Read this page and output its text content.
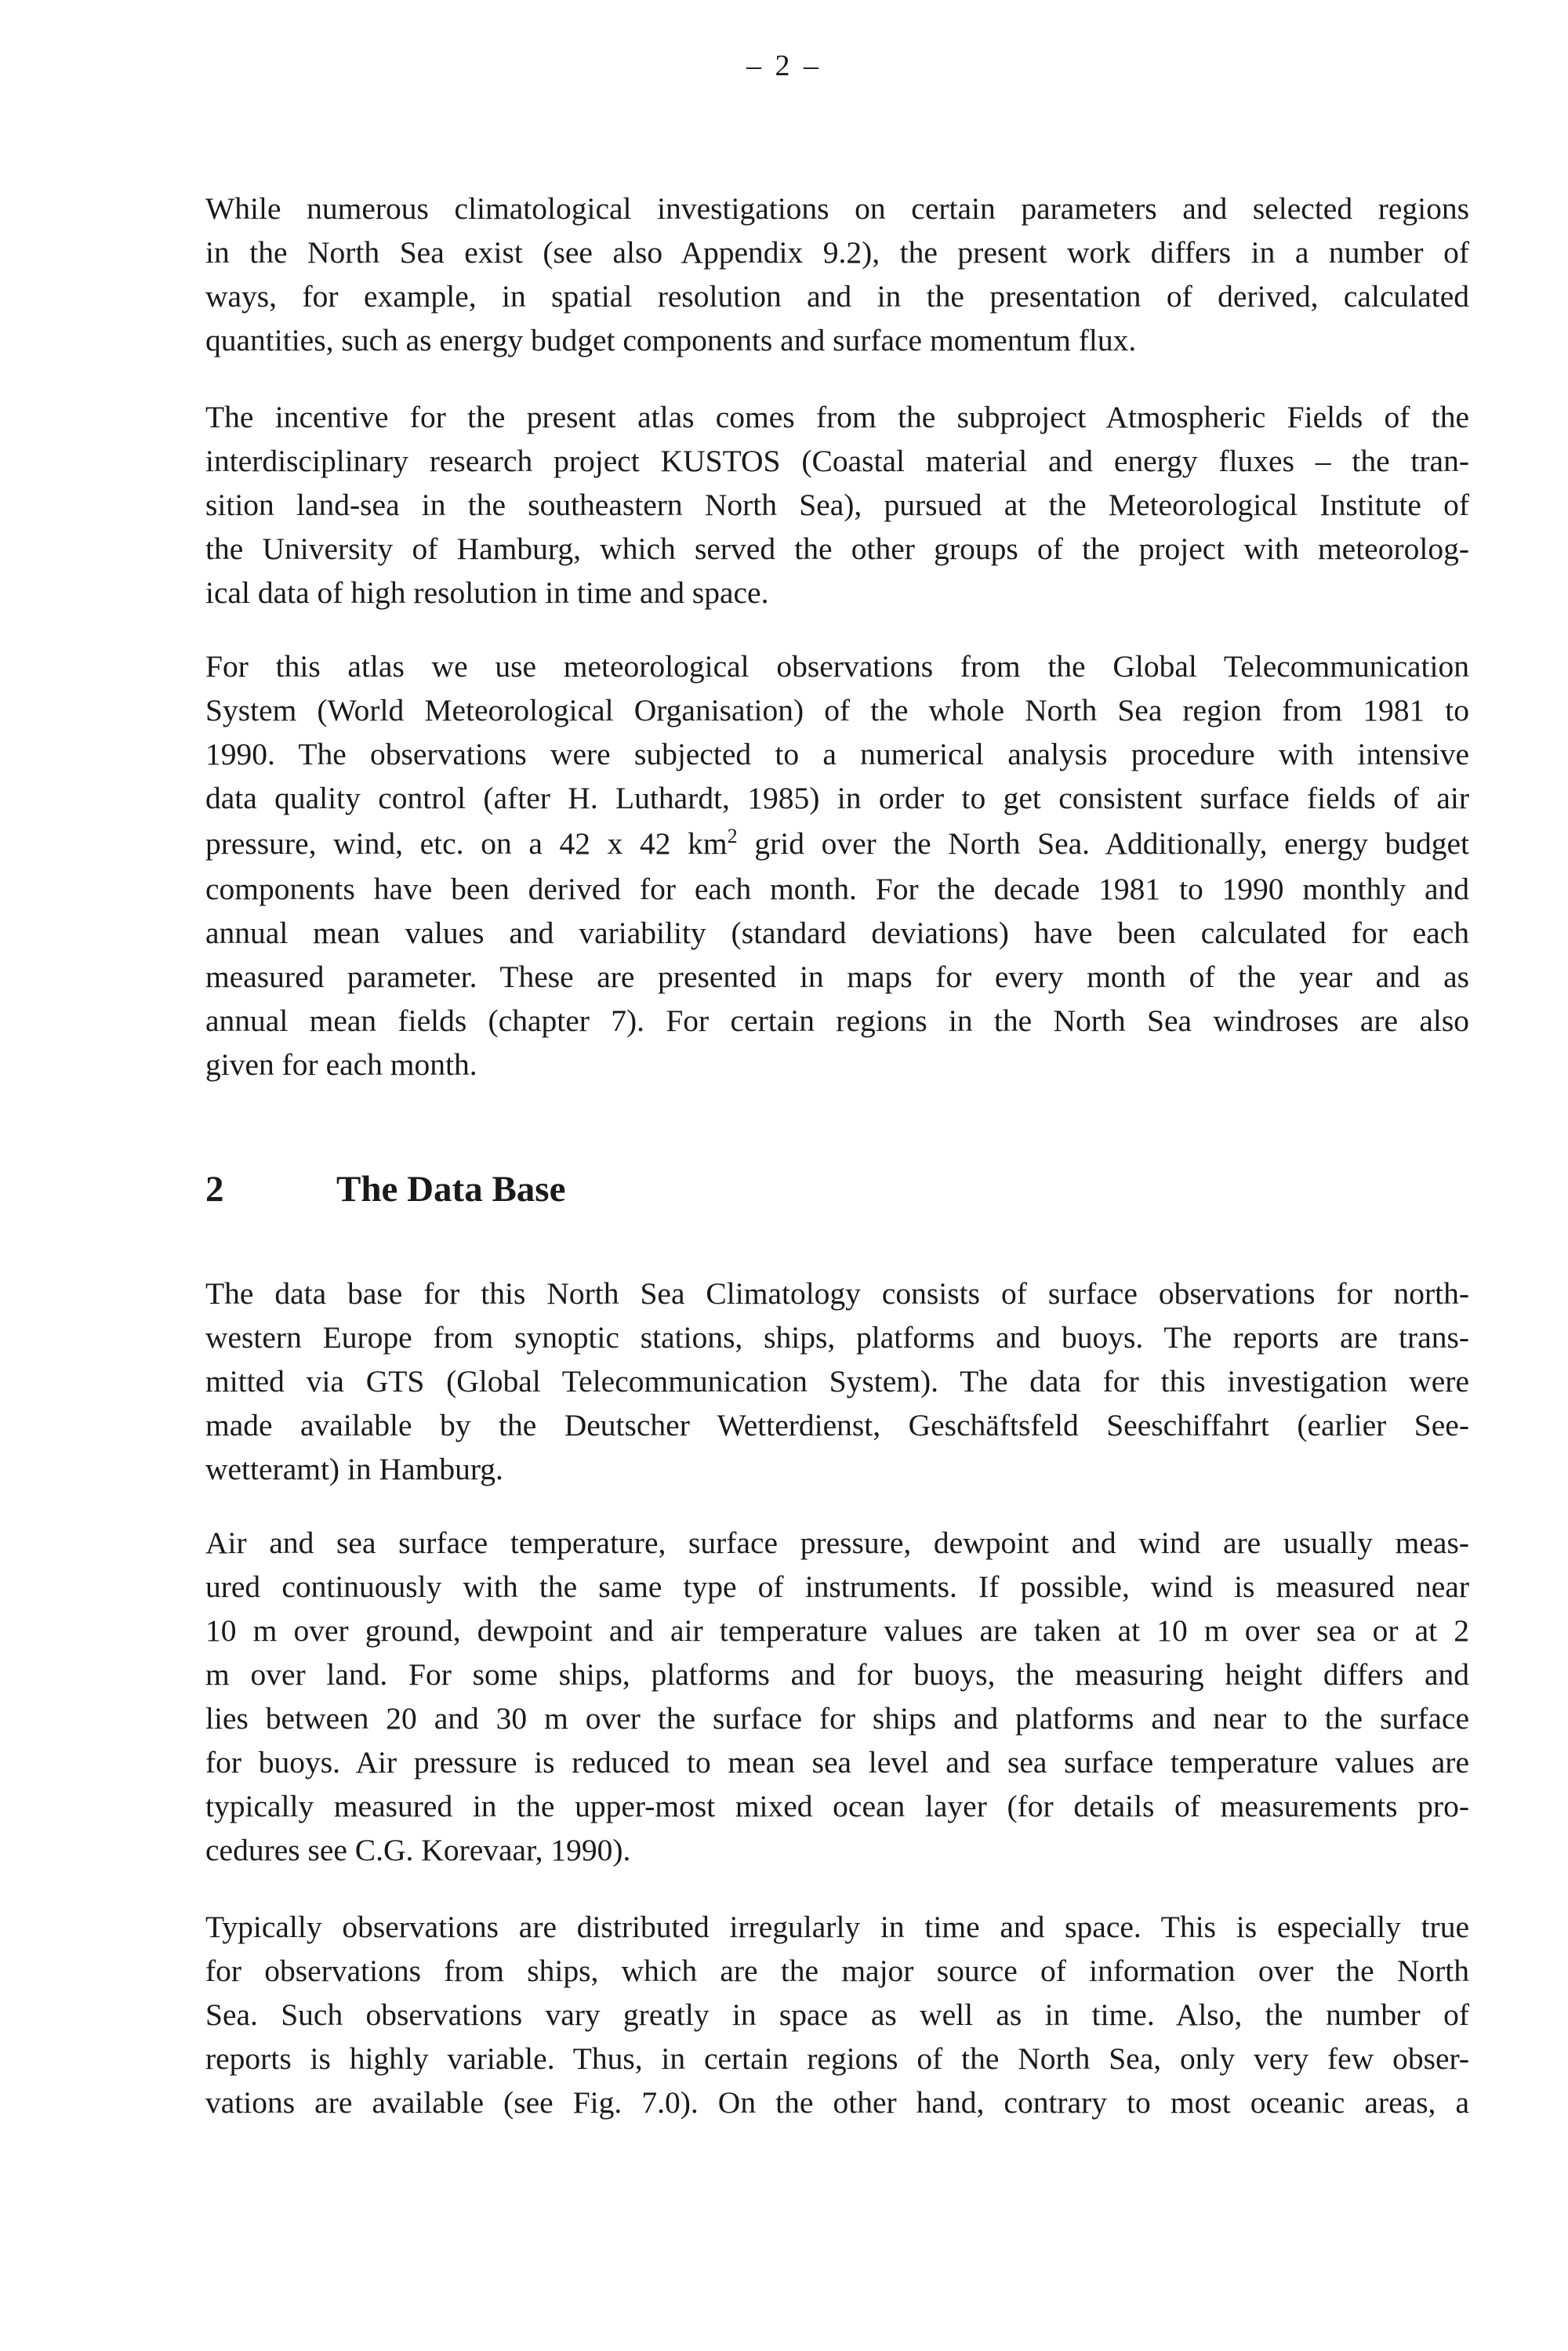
– 2 –
While numerous climatological investigations on certain parameters and selected regions
in the North Sea exist (see also Appendix 9.2), the present work differs in a number of
ways, for example, in spatial resolution and in the presentation of derived, calculated
quantities, such as energy budget components and surface momentum flux.
The incentive for the present atlas comes from the subproject Atmospheric Fields of the
interdisciplinary research project KUSTOS (Coastal material and energy fluxes – the tran-
sition land-sea in the southeastern North Sea), pursued at the Meteorological Institute of
the University of Hamburg, which served the other groups of the project with meteorolog-
ical data of high resolution in time and space.
For this atlas we use meteorological observations from the Global Telecommunication
System (World Meteorological Organisation) of the whole North Sea region from 1981 to
1990. The observations were subjected to a numerical analysis procedure with intensive
data quality control (after H. Luthardt, 1985) in order to get consistent surface fields of air
pressure, wind, etc. on a 42 x 42 $km^2$ grid over the North Sea. Additionally, energy budget
components have been derived for each month. For the decade 1981 to 1990 monthly and
annual mean values and variability (standard deviations) have been calculated for each
measured parameter. These are presented in maps for every month of the year and as
annual mean fields (chapter 7). For certain regions in the North Sea windroses are also
given for each month.
2	The Data Base
The data base for this North Sea Climatology consists of surface observations for north-
western Europe from synoptic stations, ships, platforms and buoys. The reports are trans-
mitted via GTS (Global Telecommunication System). The data for this investigation were
made available by the Deutscher Wetterdienst, Geschäftsfeld Seeschiffahrt (earlier See-
wetteramt) in Hamburg.
Air and sea surface temperature, surface pressure, dewpoint and wind are usually meas-
ured continuously with the same type of instruments. If possible, wind is measured near
10 m over ground, dewpoint and air temperature values are taken at 10 m over sea or at 2
m over land. For some ships, platforms and for buoys, the measuring height differs and
lies between 20 and 30 m over the surface for ships and platforms and near to the surface
for buoys. Air pressure is reduced to mean sea level and sea surface temperature values are
typically measured in the upper-most mixed ocean layer (for details of measurements pro-
cedures see C.G. Korevaar, 1990).
Typically observations are distributed irregularly in time and space. This is especially true
for observations from ships, which are the major source of information over the North
Sea. Such observations vary greatly in space as well as in time. Also, the number of
reports is highly variable. Thus, in certain regions of the North Sea, only very few obser-
vations are available (see Fig. 7.0). On the other hand, contrary to most oceanic areas, a
